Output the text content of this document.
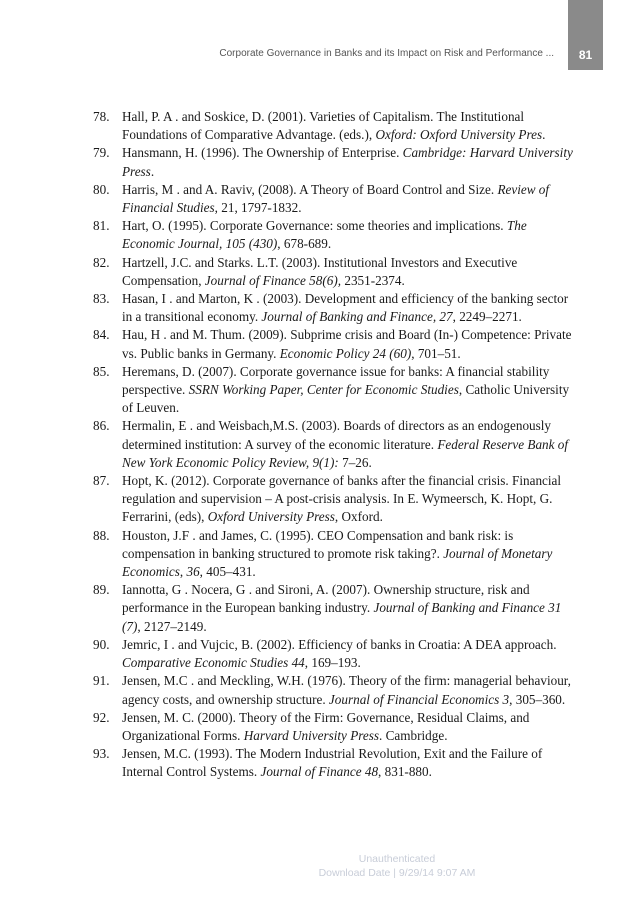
Corporate Governance in Banks and its Impact on Risk and Performance ...	81
78. Hall, P. A . and Soskice, D. (2001). Varieties of Capitalism. The Institutional Foundations of Comparative Advantage. (eds.), Oxford: Oxford University Pres.
79. Hansmann, H. (1996). The Ownership of Enterprise. Cambridge: Harvard University Press.
80. Harris, M . and A. Raviv, (2008). A Theory of Board Control and Size. Review of Financial Studies, 21, 1797-1832.
81. Hart, O. (1995). Corporate Governance: some theories and implications. The Economic Journal, 105 (430), 678-689.
82. Hartzell, J.C. and Starks. L.T. (2003). Institutional Investors and Executive Compensation, Journal of Finance 58(6), 2351-2374.
83. Hasan, I . and Marton, K . (2003). Development and efficiency of the banking sector in a transitional economy. Journal of Banking and Finance, 27, 2249–2271.
84. Hau, H . and M. Thum. (2009). Subprime crisis and Board (In-) Competence: Private vs. Public banks in Germany. Economic Policy 24 (60), 701–51.
85. Heremans, D. (2007). Corporate governance issue for banks: A financial stability perspective. SSRN Working Paper, Center for Economic Studies, Catholic University of Leuven.
86. Hermalin, E . and Weisbach,M.S. (2003). Boards of directors as an endogenously determined institution: A survey of the economic literature. Federal Reserve Bank of New York Economic Policy Review, 9(1): 7–26.
87. Hopt, K. (2012). Corporate governance of banks after the financial crisis. Financial regulation and supervision – A post-crisis analysis. In E. Wymeersch, K. Hopt, G. Ferrarini, (eds), Oxford University Press, Oxford.
88. Houston, J.F . and James, C. (1995). CEO Compensation and bank risk: is compensation in banking structured to promote risk taking?. Journal of Monetary Economics, 36, 405–431.
89. Iannotta, G . Nocera, G . and Sironi, A. (2007). Ownership structure, risk and performance in the European banking industry. Journal of Banking and Finance 31 (7), 2127–2149.
90. Jemric, I . and Vujcic, B. (2002). Efficiency of banks in Croatia: A DEA approach. Comparative Economic Studies 44, 169–193.
91. Jensen, M.C . and Meckling, W.H. (1976). Theory of the firm: managerial behaviour, agency costs, and ownership structure. Journal of Financial Economics 3, 305–360.
92. Jensen, M. C. (2000). Theory of the Firm: Governance, Residual Claims, and Organizational Forms. Harvard University Press. Cambridge.
93. Jensen, M.C. (1993). The Modern Industrial Revolution, Exit and the Failure of Internal Control Systems. Journal of Finance 48, 831-880.
Unauthenticated
Download Date | 9/29/14 9:07 AM
